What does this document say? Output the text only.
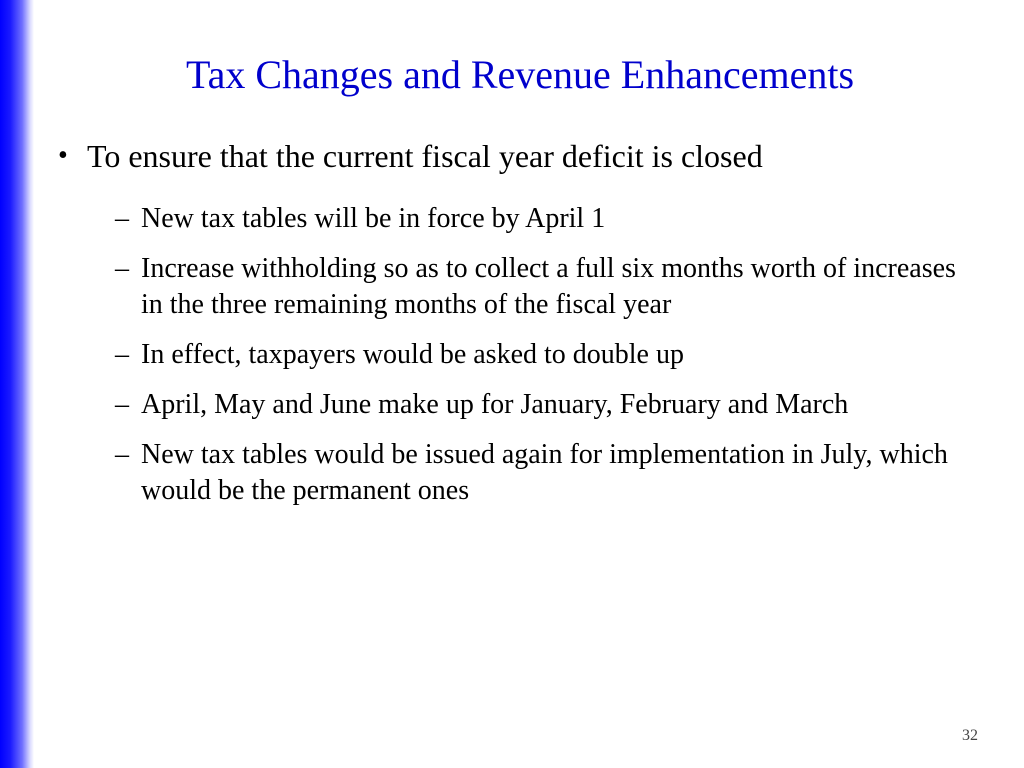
Tax Changes and Revenue Enhancements
• To ensure that the current fiscal year deficit is closed
– New tax tables will be in force by April 1
– Increase withholding so as to collect a full six months worth of increases in the three remaining months of the fiscal year
– In effect, taxpayers would be asked to double up
– April, May and June make up for January, February and March
– New tax tables would be issued again for implementation in July, which would be the permanent ones
32
